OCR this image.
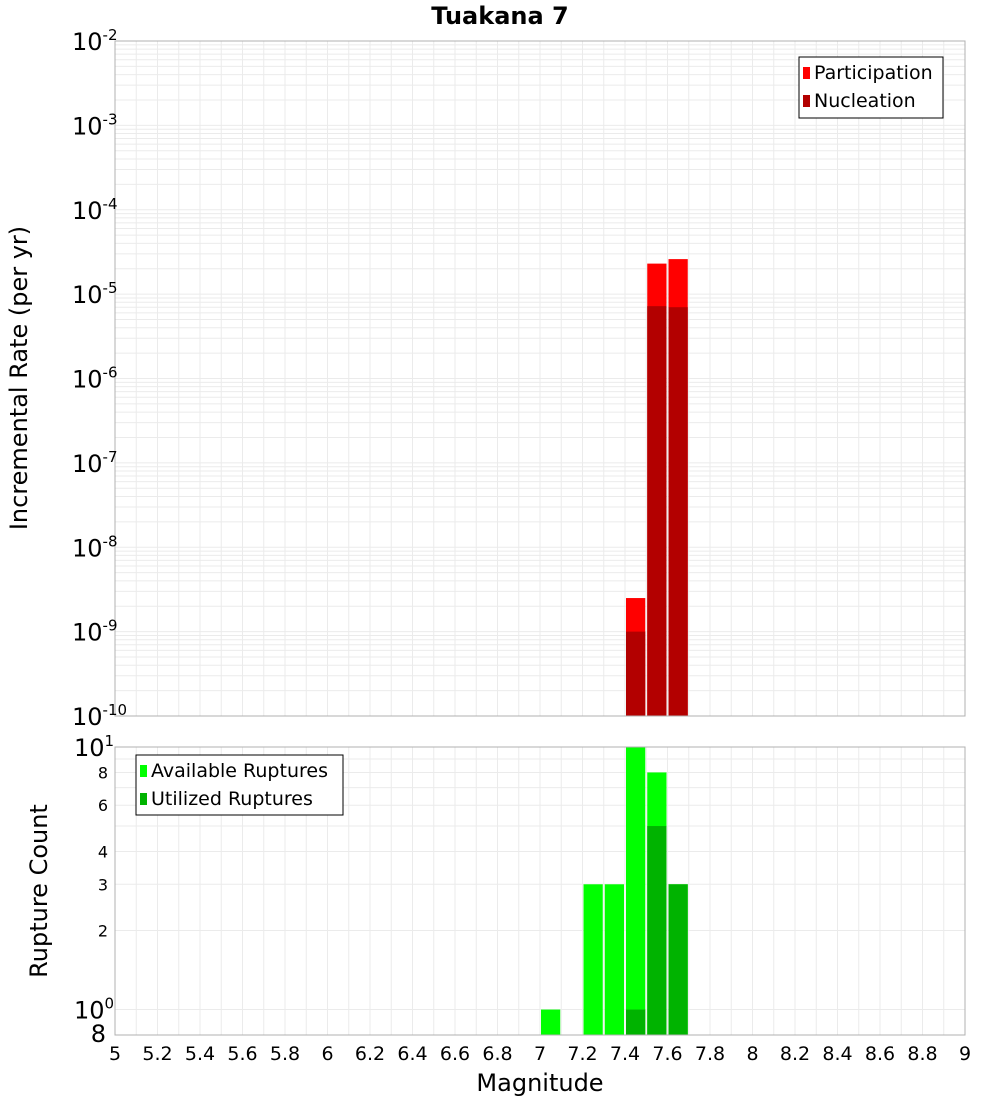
Tuakana 7
$10^{-10}$
$10^{-9}$
$10^{-8}$
$10^{-7}$
$10^{-6}$
$10^{-5}$
$10^{-4}$
$10^{-3}$
$10^{-2}$
Incremental Rate (per yr)
Participation
Nucleation
8
$10^0$
2
3
4
6
8
$10^1$
Rupture Count
Available Ruptures
Utilized Ruptures
5 5.2 5.4 5.6 5.8 6 6.2 6.4 6.6 6.8 7 7.2 7.4 7.6 7.8 8 8.2 8.4 8.6 8.8 9
Magnitude
